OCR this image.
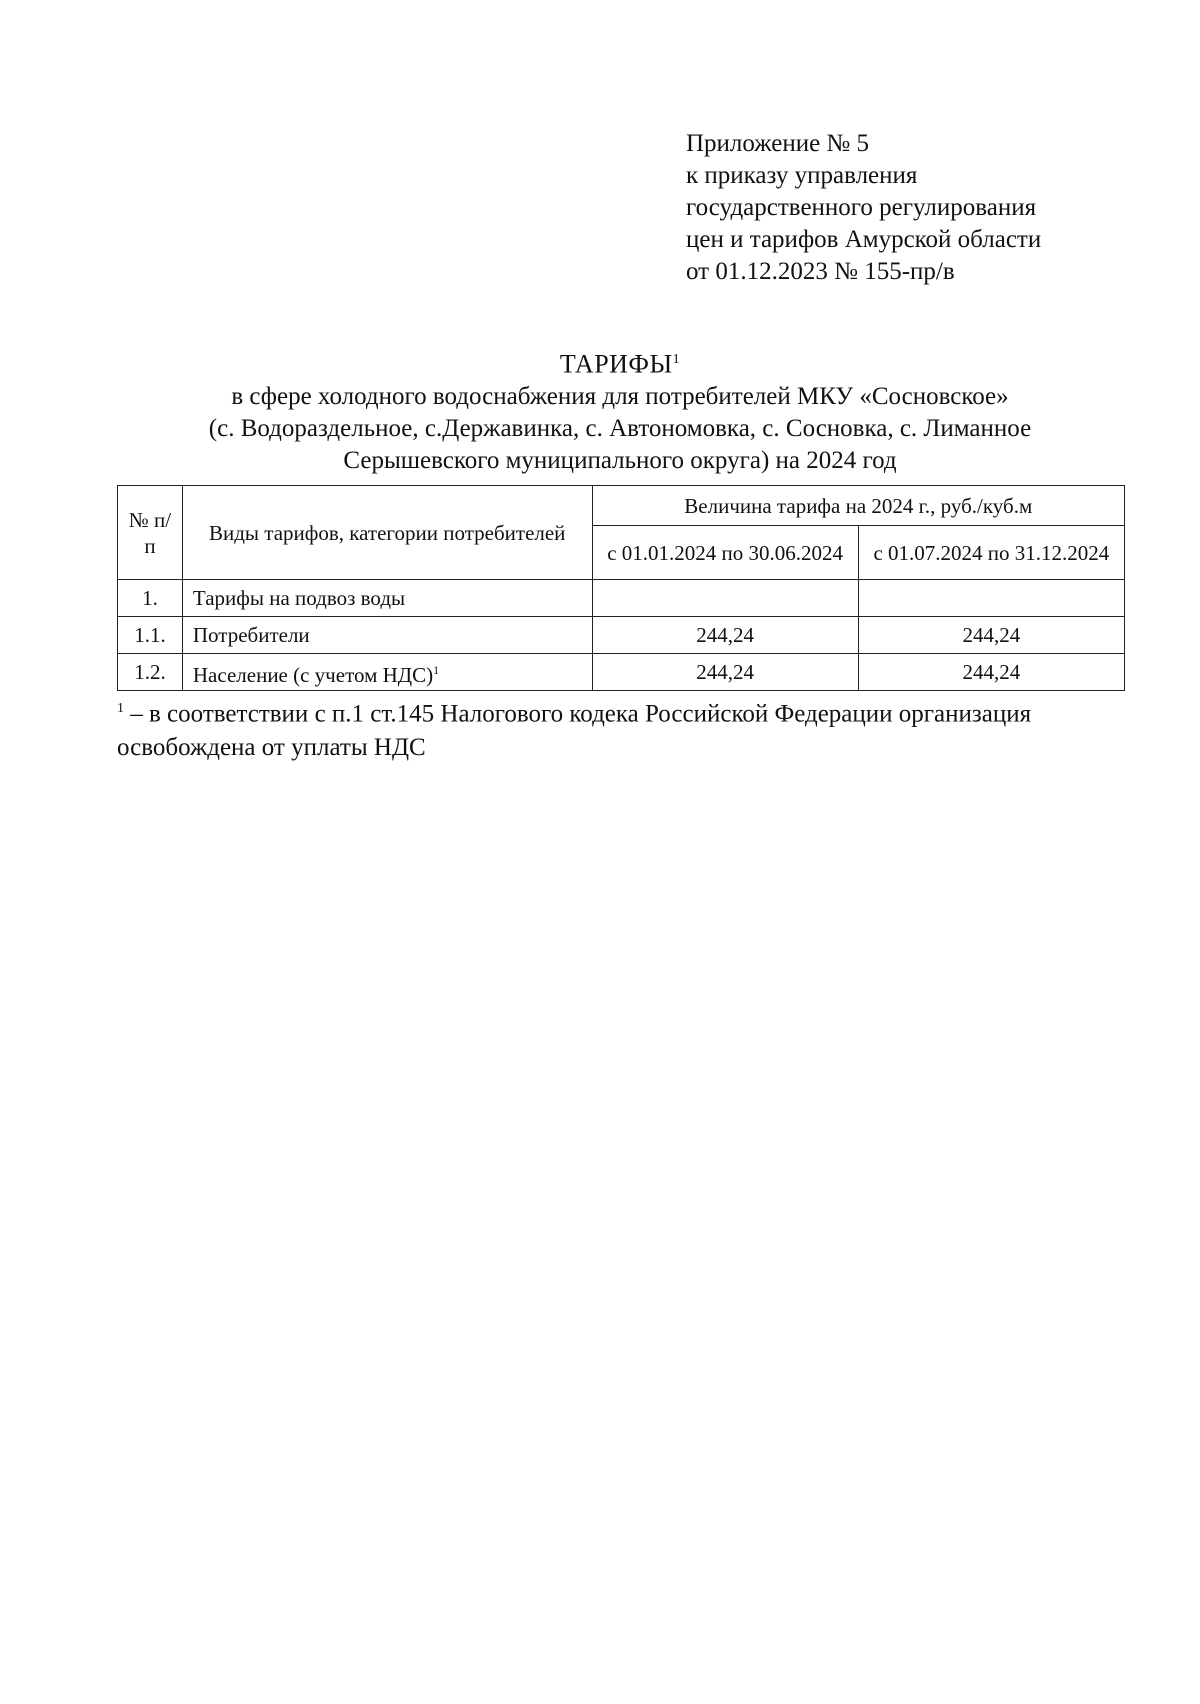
Приложение № 5
к приказу управления
государственного регулирования
цен и тарифов Амурской области
от 01.12.2023 № 155-пр/в
ТАРИФЫ$^1$
в сфере холодного водоснабжения для потребителей МКУ «Сосновское»
(с. Водораздельное, с.Державинка, с. Автономовка, с. Сосновка, с. Лиманное
Серышевского муниципального округа) на 2024 год
№ п/п	Виды тарифов, категории потребителей	Величина тарифа на 2024 г., руб./куб.м	
		с 01.01.2024 по 30.06.2024	с 01.07.2024 по 31.12.2024
1.	Тарифы на подвоз воды		
1.1.	Потребители	244,24	244,24
1.2.	Население (с учетом НДС)$^1$	244,24	244,24
$^1$ – в соответствии с п.1 ст.145 Налогового кодека Российской Федерации организация
освобождена от уплаты НДС
